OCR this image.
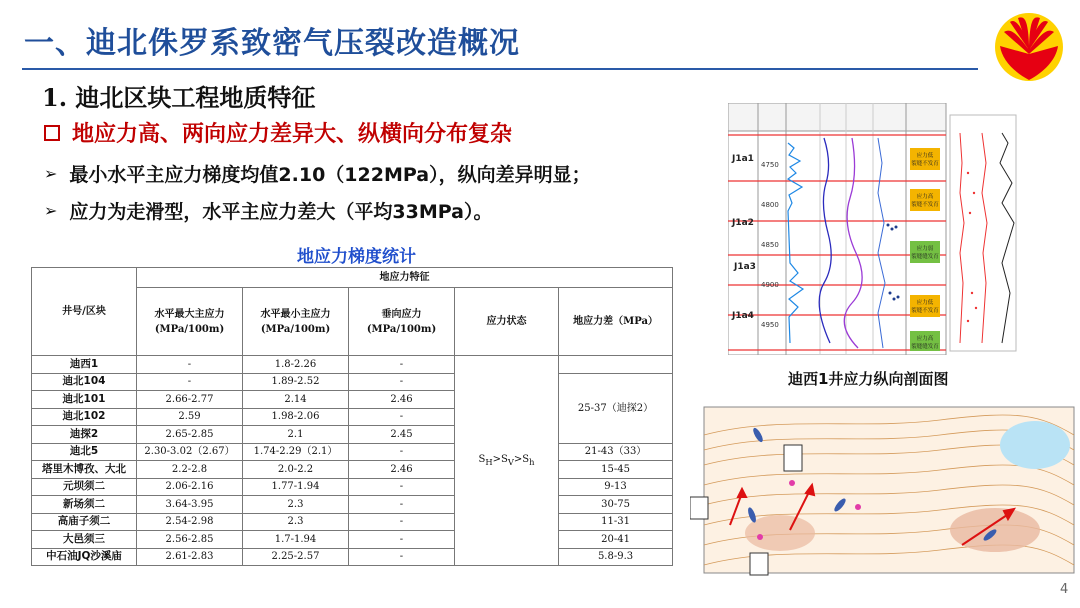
一、迪北侏罗系致密气压裂改造概况
1. 迪北区块工程地质特征
地应力高、两向应力差异大、纵横向分布复杂
➢ 最小水平主应力梯度均值2.10（122MPa），纵向差异明显；
➢ 应力为走滑型，水平主应力差大（平均33MPa）。
地应力梯度统计
井号/区块	地应力特征				
	水平最大主应力
(MPa/100m)	水平最小主应力
(MPa/100m)	垂向应力
(MPa/100m)	应力状态	地应力差（MPa）
迪西1	-	1.8-2.26	-	$S_H>S_V>S_h$	
迪北104	-	1.89-2.52	-		25-37（迪探2）
迪北101	2.66-2.77	2.14	2.46		
迪北102	2.59	1.98-2.06	-		
迪探2	2.65-2.85	2.1	2.45		
迪北5	2.30-3.02（2.67）	1.74-2.29（2.1）	-		21-43（33）
塔里木博孜、大北	2.2-2.8	2.0-2.2	2.46		15-45
元坝须二	2.06-2.16	1.77-1.94	-		9-13
新场须二	3.64-3.95	2.3	-		30-75
高庙子须二	2.54-2.98	2.3	-		11-31
大邑须三	2.56-2.85	1.7-1.94	-		20-41
中石油JQ沙溪庙	2.61-2.83	2.25-2.57	-		5.8-9.3
J1a1
J1a2
J1a3
J1a4
4750
4800
4850
4900
4950
应力低
裂缝不发育
应力高
裂缝不发育
应力弱
裂缝缝发育
应力低
裂缝不发育
应力高
裂缝缝发育
迪西1井应力纵向剖面图
4
